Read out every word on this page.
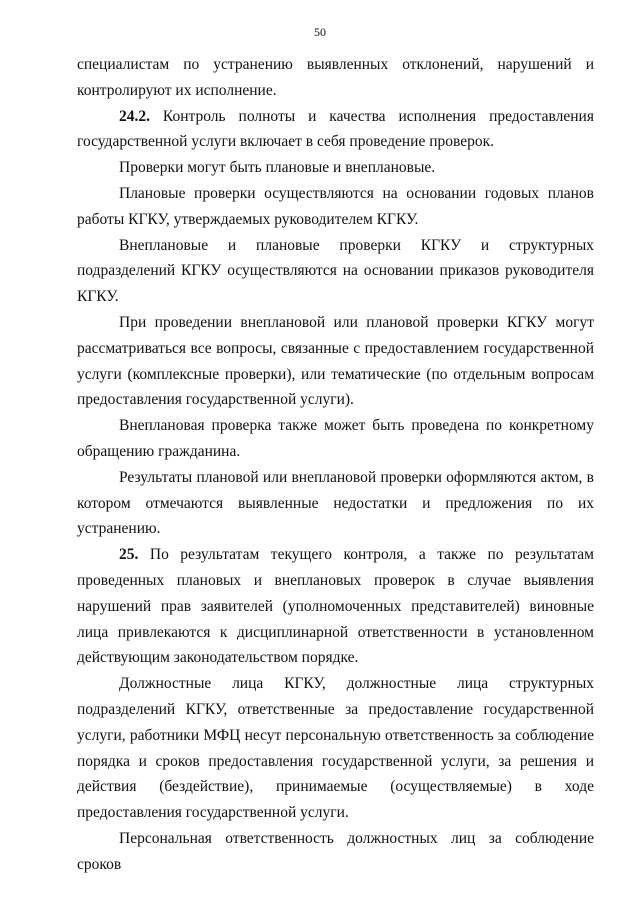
50

специалистам по устранению выявленных отклонений, нарушений и контролируют их исполнение.

24.2. Контроль полноты и качества исполнения предоставления государственной услуги включает в себя проведение проверок.

Проверки могут быть плановые и внеплановые.

Плановые проверки осуществляются на основании годовых планов работы КГКУ, утверждаемых руководителем КГКУ.

Внеплановые и плановые проверки КГКУ и структурных подразделений КГКУ осуществляются на основании приказов руководителя КГКУ.

При проведении внеплановой или плановой проверки КГКУ могут рассматриваться все вопросы, связанные с предоставлением государственной услуги (комплексные проверки), или тематические (по отдельным вопросам предоставления государственной услуги).

Внеплановая проверка также может быть проведена по конкретному обращению гражданина.

Результаты плановой или внеплановой проверки оформляются актом, в котором отмечаются выявленные недостатки и предложения по их устранению.

25. По результатам текущего контроля, а также по результатам проведенных плановых и внеплановых проверок в случае выявления нарушений прав заявителей (уполномоченных представителей) виновные лица привлекаются к дисциплинарной ответственности в установленном действующим законодательством порядке.

Должностные лица КГКУ, должностные лица структурных подразделений КГКУ, ответственные за предоставление государственной услуги, работники МФЦ несут персональную ответственность за соблюдение порядка и сроков предоставления государственной услуги, за решения и действия (бездействие), принимаемые (осуществляемые) в ходе предоставления государственной услуги.

Персональная ответственность должностных лиц за соблюдение сроков
